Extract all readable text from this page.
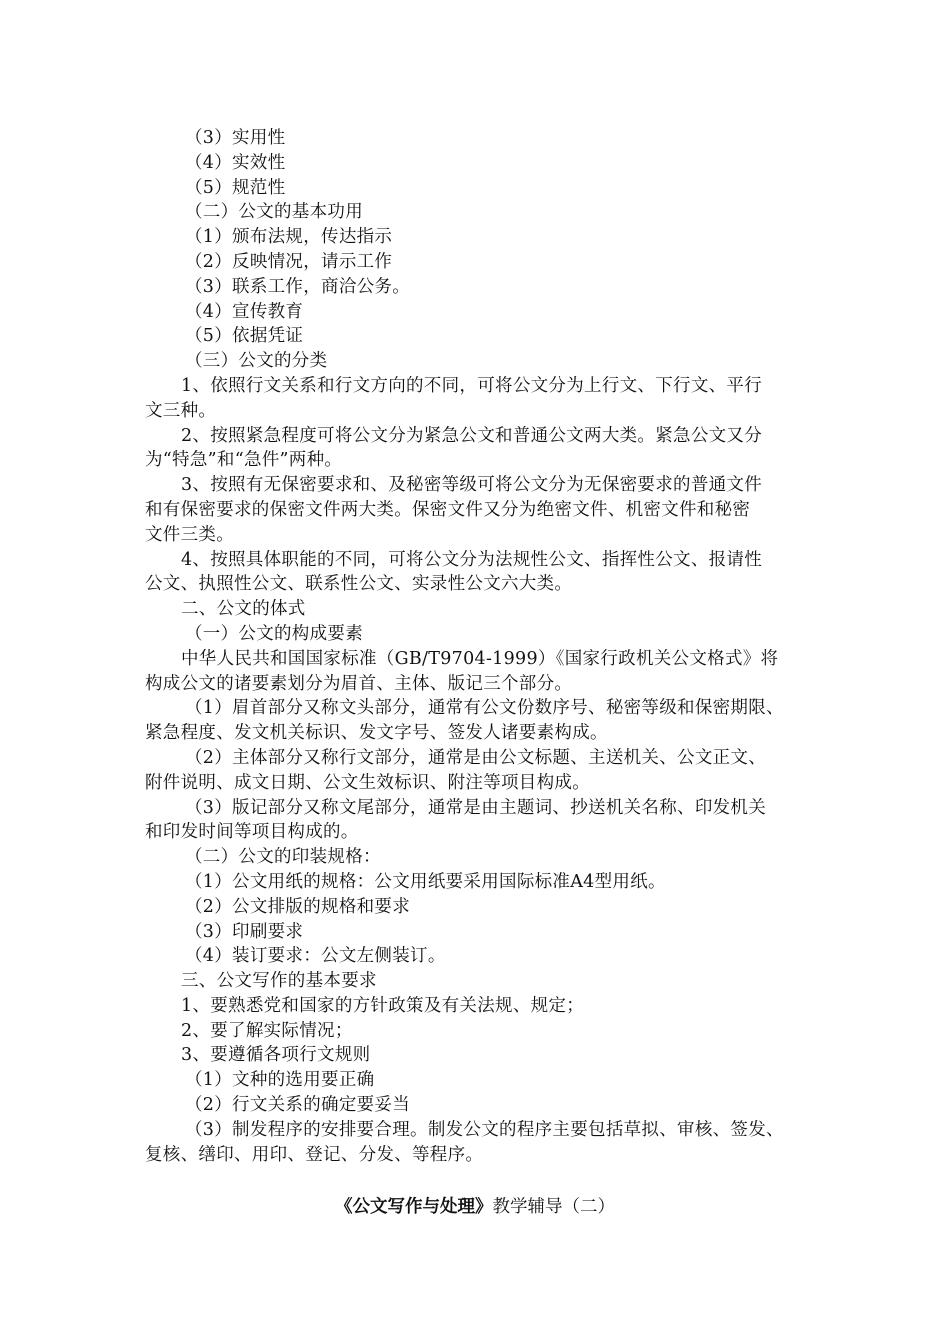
（3）实用性
（4）实效性
（5）规范性
（二）公文的基本功用
（1）颁布法规，传达指示
（2）反映情况，请示工作
（3）联系工作，商洽公务。
（4）宣传教育
（5）依据凭证
（三）公文的分类
1、依照行文关系和行文方向的不同，可将公文分为上行文、下行文、平行
文三种。
2、按照紧急程度可将公文分为紧急公文和普通公文两大类。紧急公文又分
为“特急”和“急件”两种。
3、按照有无保密要求和、及秘密等级可将公文分为无保密要求的普通文件
和有保密要求的保密文件两大类。保密文件又分为绝密文件、机密文件和秘密
文件三类。
4、按照具体职能的不同，可将公文分为法规性公文、指挥性公文、报请性
公文、执照性公文、联系性公文、实录性公文六大类。
二、公文的体式
（一）公文的构成要素
中华人民共和国国家标准（GB/T9704-1999）《国家行政机关公文格式》将
构成公文的诸要素划分为眉首、主体、版记三个部分。
（1）眉首部分又称文头部分，通常有公文份数序号、秘密等级和保密期限、
紧急程度、发文机关标识、发文字号、签发人诸要素构成。
（2）主体部分又称行文部分，通常是由公文标题、主送机关、公文正文、
附件说明、成文日期、公文生效标识、附注等项目构成。
（3）版记部分又称文尾部分，通常是由主题词、抄送机关名称、印发机关
和印发时间等项目构成的。
（二）公文的印装规格：
（1）公文用纸的规格：公文用纸要采用国际标准A4型用纸。
（2）公文排版的规格和要求
（3）印刷要求
（4）装订要求：公文左侧装订。
三、公文写作的基本要求
1、要熟悉党和国家的方针政策及有关法规、规定；
2、要了解实际情况；
3、要遵循各项行文规则
（1）文种的选用要正确
（2）行文关系的确定要妥当
（3）制发程序的安排要合理。制发公文的程序主要包括草拟、审核、签发、
复核、缮印、用印、登记、分发、等程序。
《公文写作与处理》教学辅导（二）
